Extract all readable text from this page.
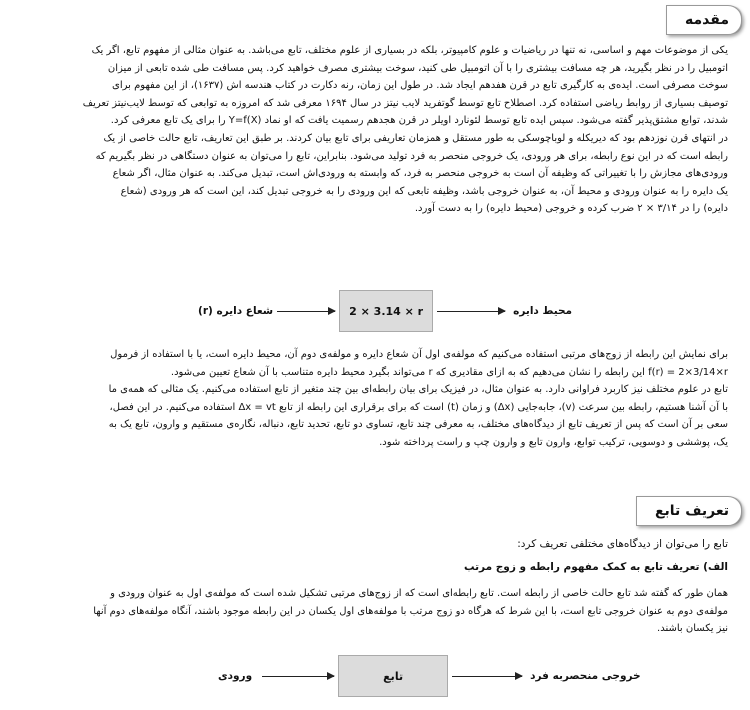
مقدمه

یکی از موضوعات مهم و اساسی، نه تنها در ریاضیات و علوم کامپیوتر، بلکه در بسیاری از علوم مختلف، تابع می‌باشد. به عنوان مثالی از مفهوم تابع، اگر یک

اتومبیل را در نظر بگیرید، هر چه مسافت بیشتری را با آن اتومبیل طی کنید، سوخت بیشتری مصرف خواهید کرد. پس مسافت طی شده تابعی از میزان

سوخت مصرفی است. ایده‌ی به کارگیری تابع در قرن هفدهم ایجاد شد. در طول این زمان، رنه دکارت در کتاب هندسه اش (۱۶۳۷)، از این مفهوم برای

توصیف بسیاری از روابط ریاضی استفاده کرد. اصطلاح تابع توسط گوتفرید لایب نیتز در سال ۱۶۹۴ معرفی شد که امروزه به توابعی که توسط لایب‌نیتز تعریف

شدند، توابع مشتق‌پذیر گفته می‌شود. سپس ایده تابع توسط لئونارد اویلر در قرن هجدهم رسمیت یافت که او نماد Y=f(X) را برای یک تابع معرفی کرد.

در انتهای قرن نوزدهم بود که دیریکله و لوباچوسکی به طور مستقل و همزمان تعاریفی برای تابع بیان کردند. بر طبق این تعاریف، تابع حالت خاصی از یک

رابطه است که در این نوع رابطه، برای هر ورودی، یک خروجی منحصر به فرد تولید می‌شود. بنابراین، تابع را می‌توان به عنوان دستگاهی در نظر بگیریم که

ورودی‌های مجازش را با تغییراتی که وظیفه آن است به خروجی منحصر به فرد، که وابسته به ورودی‌اش است، تبدیل می‌کند. به عنوان مثال، اگر شعاع

یک دایره را به عنوان ورودی و محیط آن، به عنوان خروجی باشد، وظیفه تابعی که این ورودی را به خروجی تبدیل کند، این است که هر ورودی (شعاع

دایره) را در ۳/۱۴ × ۲ ضرب کرده و خروجی (محیط دایره) را به دست آورد.

شعاع دایره (r)	2 × 3.14 × r	محیط دایره

برای نمایش این رابطه از زوج‌های مرتبی استفاده می‌کنیم که مولفه‌ی اول آن شعاع دایره و مولفه‌ی دوم آن، محیط دایره است، یا با استفاده از فرمول

f(r) = 2×3/14×r این رابطه را نشان می‌دهیم که به ازای مقادیری که r می‌تواند بگیرد محیط دایره متناسب با آن شعاع تعیین می‌شود.

تابع در علوم مختلف نیز کاربرد فراوانی دارد. به عنوان مثال، در فیزیک برای بیان رابطه‌ای بین چند متغیر از تابع استفاده می‌کنیم. یک مثالی که همه‌ی ما

با آن آشنا هستیم، رابطه بین سرعت (v)، جابه‌جایی (Δx) و زمان (t) است که برای برقراری این رابطه از تابع Δx = vt استفاده می‌کنیم. در این فصل،

سعی بر آن است که پس از تعریف تابع از دیدگاه‌های مختلف، به معرفی چند تابع، تساوی دو تابع، تحدید تابع، دنباله، نگاره‌ی مستقیم و وارون، تابع یک به

یک، پوششی و دوسویی، ترکیب توابع، وارون تابع و وارون چپ و راست پرداخته شود.

تعریف تابع
تابع را می‌توان از دیدگاه‌های مختلفی تعریف کرد:
الف) تعریف تابع به کمک مفهوم رابطه و زوج مرتب

همان طور که گفته شد تابع حالت خاصی از رابطه است. تابع رابطه‌ای است که از زوج‌های مرتبی تشکیل شده است که مولفه‌ی اول به عنوان ورودی و

مولفه‌ی دوم به عنوان خروجی تابع است، با این شرط که هرگاه دو زوج مرتب با مولفه‌های اول یکسان در این رابطه موجود باشند، آنگاه مولفه‌های دوم آنها

نیز یکسان باشند.

ورودی	تابع	خروجی منحصربه فرد
